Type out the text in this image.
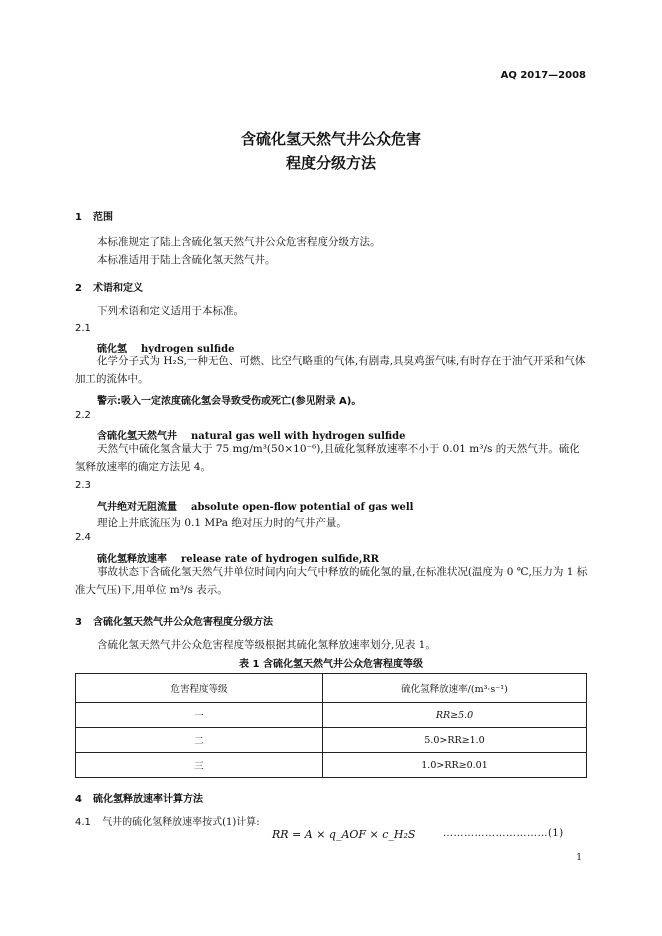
AQ 2017—2008
含硫化氢天然气井公众危害
程度分级方法
1 范围
本标准规定了陆上含硫化氢天然气井公众危害程度分级方法。
本标准适用于陆上含硫化氢天然气井。
2 术语和定义
下列术语和定义适用于本标准。
2.1
硫化氢 hydrogen sulfide
化学分子式为 H₂S,一种无色、可燃、比空气略重的气体,有剧毒,具臭鸡蛋气味,有时存在于油气开采和气体加工的流体中。
警示:吸入一定浓度硫化氢会导致受伤或死亡(参见附录 A)。
2.2
含硫化氢天然气井 natural gas well with hydrogen sulfide
天然气中硫化氢含量大于 75 mg/m³(50×10⁻⁶),且硫化氢释放速率不小于 0.01 m³/s 的天然气井。硫化氢释放速率的确定方法见 4。
2.3
气井绝对无阻流量 absolute open-flow potential of gas well
理论上井底流压为 0.1 MPa 绝对压力时的气井产量。
2.4
硫化氢释放速率 release rate of hydrogen sulfide,RR
事故状态下含硫化氢天然气井单位时间内向大气中释放的硫化氢的量,在标准状况(温度为 0 ℃,压力为 1 标准大气压)下,用单位 m³/s 表示。
3 含硫化氢天然气井公众危害程度分级方法
含硫化氢天然气井公众危害程度等级根据其硫化氢释放速率划分,见表 1。
表 1 含硫化氢天然气井公众危害程度等级
危害程度等级	硫化氢释放速率/(m³·s⁻¹)
一	RR≥5.0
二	5.0>RR≥1.0
三	1.0>RR≥0.01
4 硫化氢释放速率计算方法
4.1 气井的硫化氢释放速率按式(1)计算:
RR = A × q_AOF × c_H₂S	…………………………(1)
1
